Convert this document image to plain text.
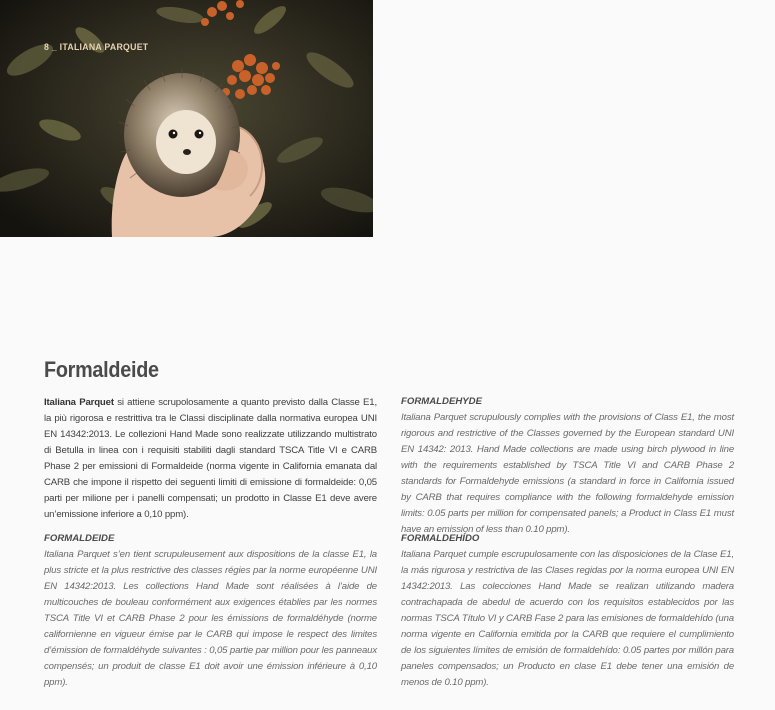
8 _ ITALIANA PARQUET
Formaldeide

Italiana Parquet si attiene scrupolosamente a quanto previsto dalla Classe E1, la più rigorosa e restrittiva tra le Classi disciplinate dalla normativa europea UNI EN 14342:2013. Le collezioni Hand Made sono realizzate utilizzando multistrato di Betulla in linea con i requisiti stabiliti dagli standard TSCA Title VI e CARB Phase 2 per emissioni di Formaldeide (norma vigente in California emanata dal CARB che impone il rispetto dei seguenti limiti di emissione di formaldeide: 0,05 parti per milione per i panelli compensati; un prodotto in Classe E1 deve avere un’emissione inferiore a 0,10 ppm).

FORMALDEIDE

Italiana Parquet s’en tient scrupuleusement aux dispositions de la classe E1, la plus stricte et la plus restrictive des classes régies par la norme européenne UNI EN 14342:2013. Les collections Hand Made sont réalisées à l’aide de multicouches de bouleau conformément aux exigences établies par les normes TSCA Title VI et CARB Phase 2 pour les émissions de formaldéhyde (norme californienne en vigueur émise par le CARB qui impose le respect des limites d’émission de formaldéhyde suivantes : 0,05 partie par million pour les panneaux compensés; un produit de classe E1 doit avoir une émission inférieure à 0,10 ppm).

FORMALDEHYDE

Italiana Parquet scrupulously complies with the provisions of Class E1, the most rigorous and restrictive of the Classes governed by the European standard UNI EN 14342: 2013. Hand Made collections are made using birch plywood in line with the requirements established by TSCA Title VI and CARB Phase 2 standards for Formaldehyde emissions (a standard in force in California issued by CARB that requires compliance with the following formaldehyde emission limits: 0.05 parts per million for compensated panels; a Product in Class E1 must have an emission of less than 0.10 ppm).

FORMALDEHÍDO

Italiana Parquet cumple escrupulosamente con las disposiciones de la Clase E1, la más rigurosa y restrictiva de las Clases regidas por la norma europea UNI EN 14342:2013. Las colecciones Hand Made se realizan utilizando madera contrachapada de abedul de acuerdo con los requisitos establecidos por las normas TSCA Título VI y CARB Fase 2 para las emisiones de formaldehído (una norma vigente en California emitida por la CARB que requiere el cumplimiento de los siguientes límites de emisión de formaldehído: 0.05 partes por millón para paneles compensados; un Producto en clase E1 debe tener una emisión de menos de 0.10 ppm).
